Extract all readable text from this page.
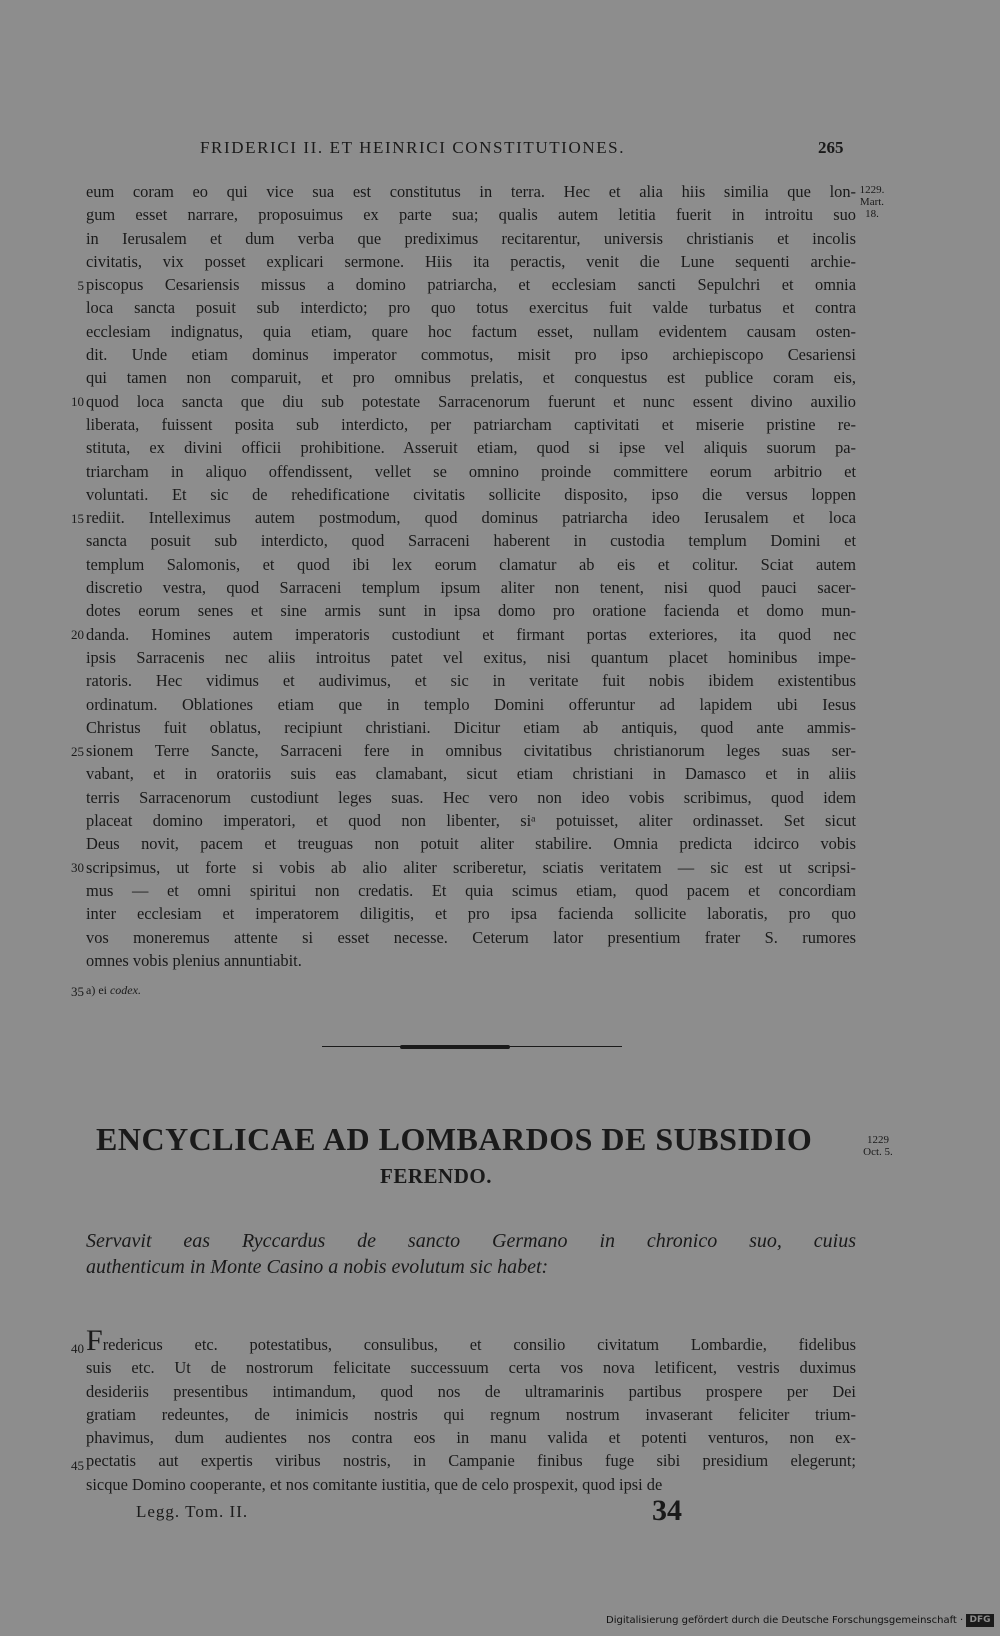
FRIDERICI II. ET HEINRICI CONSTITUTIONES.	265
1229.
Mart.
18.
1229
Oct. 5.
5
10
15
20
25
30
35
40
45
eum coram eo qui vice sua est constitutus in terra. Hec et alia hiis similia que lon-
gum esset narrare, proposuimus ex parte sua; qualis autem letitia fuerit in introitu suo
in Ierusalem et dum verba que prediximus recitarentur, universis christianis et incolis
civitatis, vix posset explicari sermone. Hiis ita peractis, venit die Lune sequenti archie-
piscopus Cesariensis missus a domino patriarcha, et ecclesiam sancti Sepulchri et omnia
loca sancta posuit sub interdicto; pro quo totus exercitus fuit valde turbatus et contra
ecclesiam indignatus, quia etiam, quare hoc factum esset, nullam evidentem causam osten-
dit. Unde etiam dominus imperator commotus, misit pro ipso archiepiscopo Cesariensi
qui tamen non comparuit, et pro omnibus prelatis, et conquestus est publice coram eis,
quod loca sancta que diu sub potestate Sarracenorum fuerunt et nunc essent divino auxilio
liberata, fuissent posita sub interdicto, per patriarcham captivitati et miserie pristine re-
stituta, ex divini officii prohibitione. Asseruit etiam, quod si ipse vel aliquis suorum pa-
triarcham in aliquo offendissent, vellet se omnino proinde committere eorum arbitrio et
voluntati. Et sic de rehedificatione civitatis sollicite disposito, ipso die versus loppen
rediit. Intelleximus autem postmodum, quod dominus patriarcha ideo Ierusalem et loca
sancta posuit sub interdicto, quod Sarraceni haberent in custodia templum Domini et
templum Salomonis, et quod ibi lex eorum clamatur ab eis et colitur. Sciat autem
discretio vestra, quod Sarraceni templum ipsum aliter non tenent, nisi quod pauci sacer-
dotes eorum senes et sine armis sunt in ipsa domo pro oratione facienda et domo mun-
danda. Homines autem imperatoris custodiunt et firmant portas exteriores, ita quod nec
ipsis Sarracenis nec aliis introitus patet vel exitus, nisi quantum placet hominibus impe-
ratoris. Hec vidimus et audivimus, et sic in veritate fuit nobis ibidem existentibus
ordinatum. Oblationes etiam que in templo Domini offeruntur ad lapidem ubi Iesus
Christus fuit oblatus, recipiunt christiani. Dicitur etiam ab antiquis, quod ante ammis-
sionem Terre Sancte, Sarraceni fere in omnibus civitatibus christianorum leges suas ser-
vabant, et in oratoriis suis eas clamabant, sicut etiam christiani in Damasco et in aliis
terris Sarracenorum custodiunt leges suas. Hec vero non ideo vobis scribimus, quod idem
placeat domino imperatori, et quod non libenter, siᵃ potuisset, aliter ordinasset. Set sicut
Deus novit, pacem et treuguas non potuit aliter stabilire. Omnia predicta idcirco vobis
scripsimus, ut forte si vobis ab alio aliter scriberetur, sciatis veritatem — sic est ut scripsi-
mus — et omni spiritui non credatis. Et quia scimus etiam, quod pacem et concordiam
inter ecclesiam et imperatorem diligitis, et pro ipsa facienda sollicite laboratis, pro quo
vos moneremus attente si esset necesse. Ceterum lator presentium frater S. rumores
omnes vobis plenius annuntiabit.
a) ei codex.
ENCYCLICAE AD LOMBARDOS DE SUBSIDIO
FERENDO.
Servavit eas Ryccardus de sancto Germano in chronico suo, cuius
authenticum in Monte Casino a nobis evolutum sic habet:
Fredericus etc. potestatibus, consulibus, et consilio civitatum Lombardie, fidelibus
suis etc. Ut de nostrorum felicitate successuum certa vos nova letificent, vestris duximus
desideriis presentibus intimandum, quod nos de ultramarinis partibus prospere per Dei
gratiam redeuntes, de inimicis nostris qui regnum nostrum invaserant feliciter trium-
phavimus, dum audientes nos contra eos in manu valida et potenti venturos, non ex-
pectatis aut expertis viribus nostris, in Campanie finibus fuge sibi presidium elegerunt;
sicque Domino cooperante, et nos comitante iustitia, que de celo prospexit, quod ipsi de
Legg. Tom. II.	34
Digitalisierung gefördert durch die Deutsche Forschungsgemeinschaft · DFG
